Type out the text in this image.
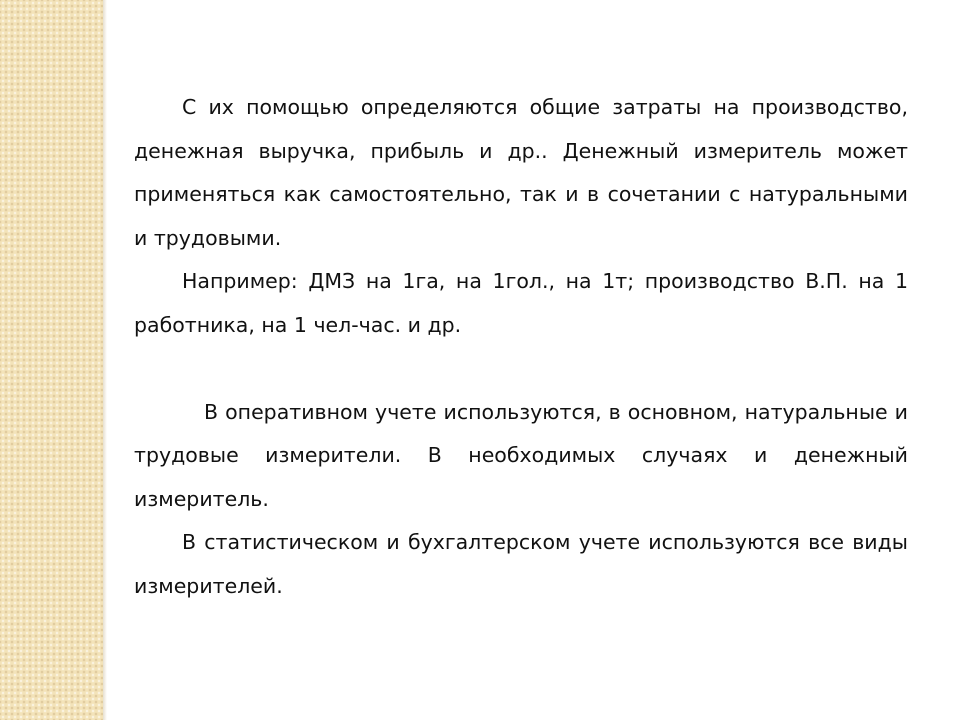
С их помощью определяются общие затраты на производство, денежная выручка, прибыль и др.. Денежный измеритель может применяться как самостоятельно, так и в сочетании с натуральными и трудовыми.

Например: ДМЗ на 1га, на 1гол., на 1т; производство В.П. на 1 работника, на 1 чел-час. и др.

В оперативном учете используются, в основном, натуральные и трудовые измерители. В необходимых случаях и денежный измеритель.

В статистическом и бухгалтерском учете используются все виды измерителей.
